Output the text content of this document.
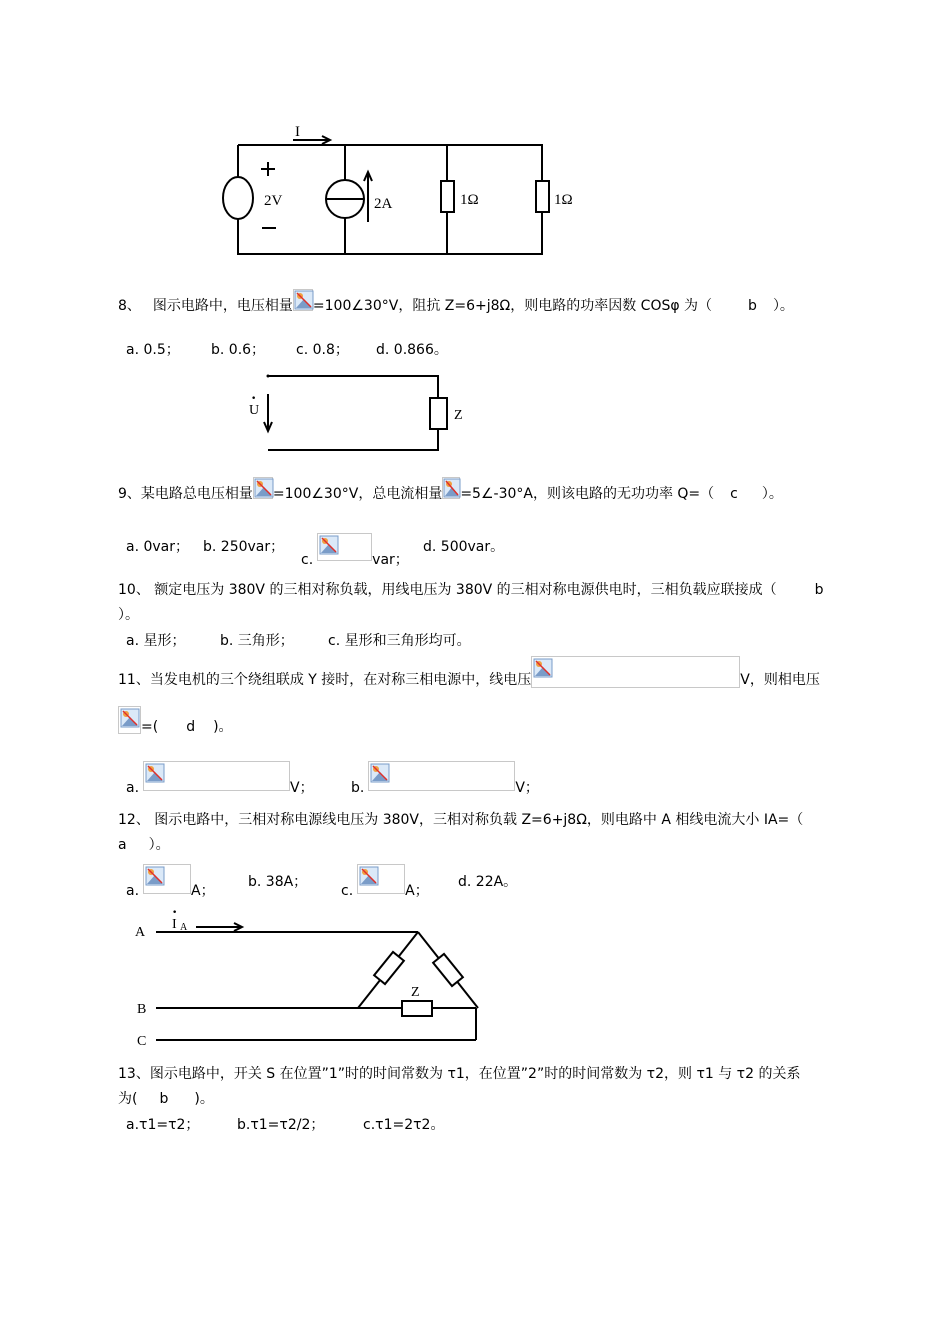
I
2V	2A	1Ω	1Ω
8、 图示电路中，电压相量 =100∠30°V，阻抗 Z=6+j8Ω，则电路的功率因数 COSφ 为（	b ）。
a. 0.5； b. 0.6； c. 0.8； d. 0.866。
·
U	Z
9、某电路总电压相量 =100∠30°V，总电流相量 =5∠-30°A，则该电路的无功功率 Q=（ c ）。
a. 0var； b. 250var；
c.	var；
d. 500var。
10、 额定电压为 380V 的三相对称负载，用线电压为 380V 的三相对称电源供电时，三相负载应联接成（	b
）。
a. 星形； b. 三角形； c. 星形和三角形均可。
11、当发电机的三个绕组联成 Y 接时，在对称三相电源中，线电压	V，则相电压
=( d )。
a.	V；	b.	V；
12、 图示电路中，三相对称电源线电压为 380V，三相对称负载 Z=6+j8Ω，则电路中 A 相线电流大小 IA=（
a ）。
a.	A；
b. 38A；
c.	A；
d. 22A。
A
B
C
·
I A
Z
13、图示电路中，开关 S 在位置”1”时的时间常数为 τ1，在位置”2”时的时间常数为 τ2，则 τ1 与 τ2 的关系
为( b )。
a.τ1=τ2；	b.τ1=τ2/2；	c.τ1=2τ2。
